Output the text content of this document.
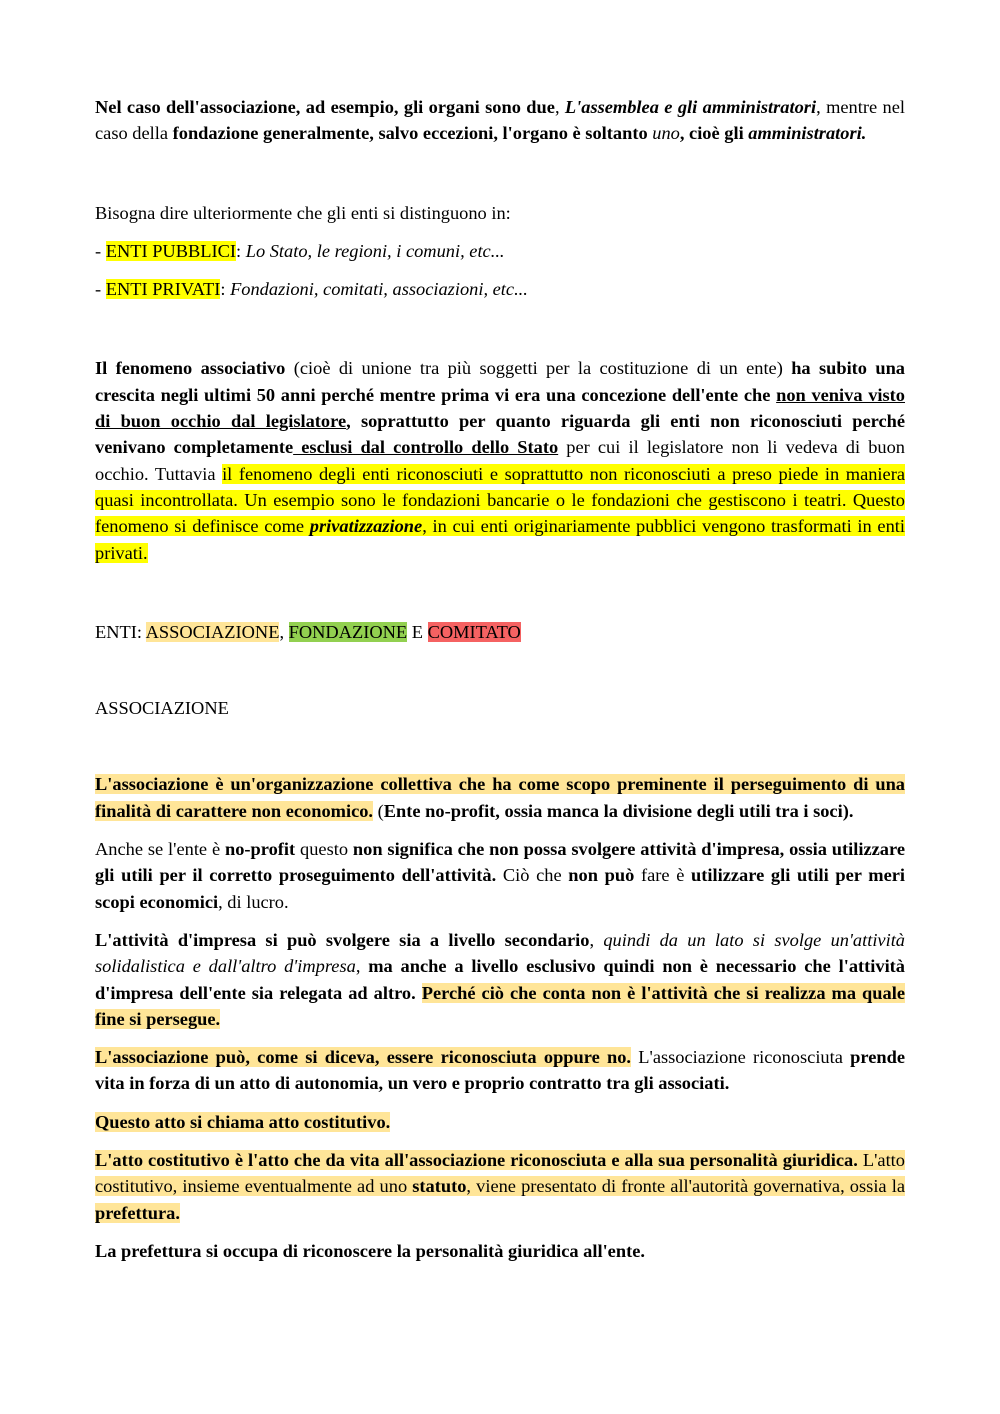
Nel caso dell'associazione, ad esempio, gli organi sono due, L'assemblea e gli amministratori, mentre nel caso della fondazione generalmente, salvo eccezioni, l'organo è soltanto uno, cioè gli amministratori.

Bisogna dire ulteriormente che gli enti si distinguono in:

- ENTI PUBBLICI: Lo Stato, le regioni, i comuni, etc...

- ENTI PRIVATI: Fondazioni, comitati, associazioni, etc...

Il fenomeno associativo (cioè di unione tra più soggetti per la costituzione di un ente) ha subito una crescita negli ultimi 50 anni perché mentre prima vi era una concezione dell'ente che non veniva visto di buon occhio dal legislatore, soprattutto per quanto riguarda gli enti non riconosciuti perché venivano completamente esclusi dal controllo dello Stato per cui il legislatore non li vedeva di buon occhio. Tuttavia il fenomeno degli enti riconosciuti e soprattutto non riconosciuti a preso piede in maniera quasi incontrollata. Un esempio sono le fondazioni bancarie o le fondazioni che gestiscono i teatri. Questo fenomeno si definisce come privatizzazione, in cui enti originariamente pubblici vengono trasformati in enti privati.

ENTI: ASSOCIAZIONE, FONDAZIONE E COMITATO

ASSOCIAZIONE

L'associazione è un'organizzazione collettiva che ha come scopo preminente il perseguimento di una finalità di carattere non economico. (Ente no-profit, ossia manca la divisione degli utili tra i soci).

Anche se l'ente è no-profit questo non significa che non possa svolgere attività d'impresa, ossia utilizzare gli utili per il corretto proseguimento dell'attività. Ciò che non può fare è utilizzare gli utili per meri scopi economici, di lucro.

L'attività d'impresa si può svolgere sia a livello secondario, quindi da un lato si svolge un'attività solidalistica e dall'altro d'impresa, ma anche a livello esclusivo quindi non è necessario che l'attività d'impresa dell'ente sia relegata ad altro. Perché ciò che conta non è l'attività che si realizza ma quale fine si persegue.

L'associazione può, come si diceva, essere riconosciuta oppure no. L'associazione riconosciuta prende vita in forza di un atto di autonomia, un vero e proprio contratto tra gli associati.

Questo atto si chiama atto costitutivo.

L'atto costitutivo è l'atto che da vita all'associazione riconosciuta e alla sua personalità giuridica. L'atto costitutivo, insieme eventualmente ad uno statuto, viene presentato di fronte all'autorità governativa, ossia la prefettura.

La prefettura si occupa di riconoscere la personalità giuridica all'ente.
